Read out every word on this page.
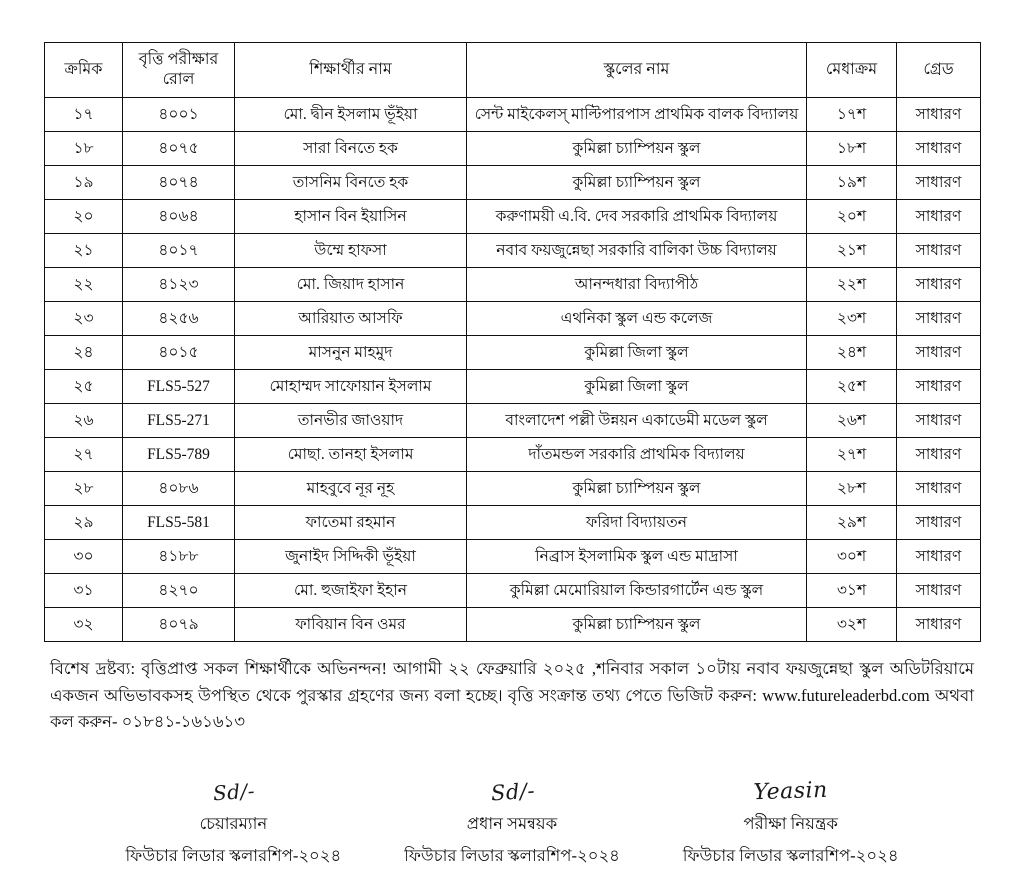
ক্রমিক	বৃত্তি পরীক্ষার রোল	শিক্ষার্থীর নাম	স্কুলের নাম	মেধাক্রম	গ্রেড
১৭	৪০০১	মো. দ্বীন ইসলাম ভূঁইয়া	সেন্ট মাইকেলস্ মাল্টিপারপাস প্রাথমিক বালক বিদ্যালয়	১৭শ	সাধারণ
১৮	৪০৭৫	সারা বিনতে হক	কুমিল্লা চ্যাম্পিয়ন স্কুল	১৮শ	সাধারণ
১৯	৪০৭৪	তাসনিম বিনতে হক	কুমিল্লা চ্যাম্পিয়ন স্কুল	১৯শ	সাধারণ
২০	৪০৬৪	হাসান বিন ইয়াসিন	করুণাময়ী এ.বি. দেব সরকারি প্রাথমিক বিদ্যালয়	২০শ	সাধারণ
২১	৪০১৭	উম্মে হাফসা	নবাব ফয়জুন্নেছা সরকারি বালিকা উচ্চ বিদ্যালয়	২১শ	সাধারণ
২২	৪১২৩	মো. জিয়াদ হাসান	আনন্দধারা বিদ্যাপীঠ	২২শ	সাধারণ
২৩	৪২৫৬	আরিয়াত আসফি	এথনিকা স্কুল এন্ড কলেজ	২৩শ	সাধারণ
২৪	৪০১৫	মাসনুন মাহমুদ	কুমিল্লা জিলা স্কুল	২৪শ	সাধারণ
২৫	FLS5-527	মোহাম্মদ সাফোয়ান ইসলাম	কুমিল্লা জিলা স্কুল	২৫শ	সাধারণ
২৬	FLS5-271	তানভীর জাওয়াদ	বাংলাদেশ পল্লী উন্নয়ন একাডেমী মডেল স্কুল	২৬শ	সাধারণ
২৭	FLS5-789	মোছা. তানহা ইসলাম	দাঁতমন্ডল সরকারি প্রাথমিক বিদ্যালয়	২৭শ	সাধারণ
২৮	৪০৮৬	মাহবুবে নূর নূহ	কুমিল্লা চ্যাম্পিয়ন স্কুল	২৮শ	সাধারণ
২৯	FLS5-581	ফাতেমা রহমান	ফরিদা বিদ্যায়তন	২৯শ	সাধারণ
৩০	৪১৮৮	জুনাইদ সিদ্দিকী ভূঁইয়া	নিব্রাস ইসলামিক স্কুল এন্ড মাদ্রাসা	৩০শ	সাধারণ
৩১	৪২৭০	মো. হুজাইফা ইহান	কুমিল্লা মেমোরিয়াল কিন্ডারগার্টেন এন্ড স্কুল	৩১শ	সাধারণ
৩২	৪০৭৯	ফাবিয়ান বিন ওমর	কুমিল্লা চ্যাম্পিয়ন স্কুল	৩২শ	সাধারণ
বিশেষ দ্রষ্টব্য: বৃত্তিপ্রাপ্ত সকল শিক্ষার্থীকে অভিনন্দন! আগামী ২২ ফেব্রুয়ারি ২০২৫ ,শনিবার সকাল ১০টায় নবাব ফয়জুন্নেছা স্কুল অডিটরিয়ামে একজন অভিভাবকসহ উপস্থিত থেকে পুরস্কার গ্রহণের জন্য বলা হচ্ছে। বৃত্তি সংক্রান্ত তথ্য পেতে ভিজিট করুন: www.futureleaderbd.com অথবা কল করুন- ০১৮৪১-১৬১৬১৩
Sd/-
চেয়ারম্যান
ফিউচার লিডার স্কলারশিপ-২০২৪
Sd/-
প্রধান সমন্বয়ক
ফিউচার লিডার স্কলারশিপ-২০২৪
Yeasin
পরীক্ষা নিয়ন্ত্রক
ফিউচার লিডার স্কলারশিপ-২০২৪
